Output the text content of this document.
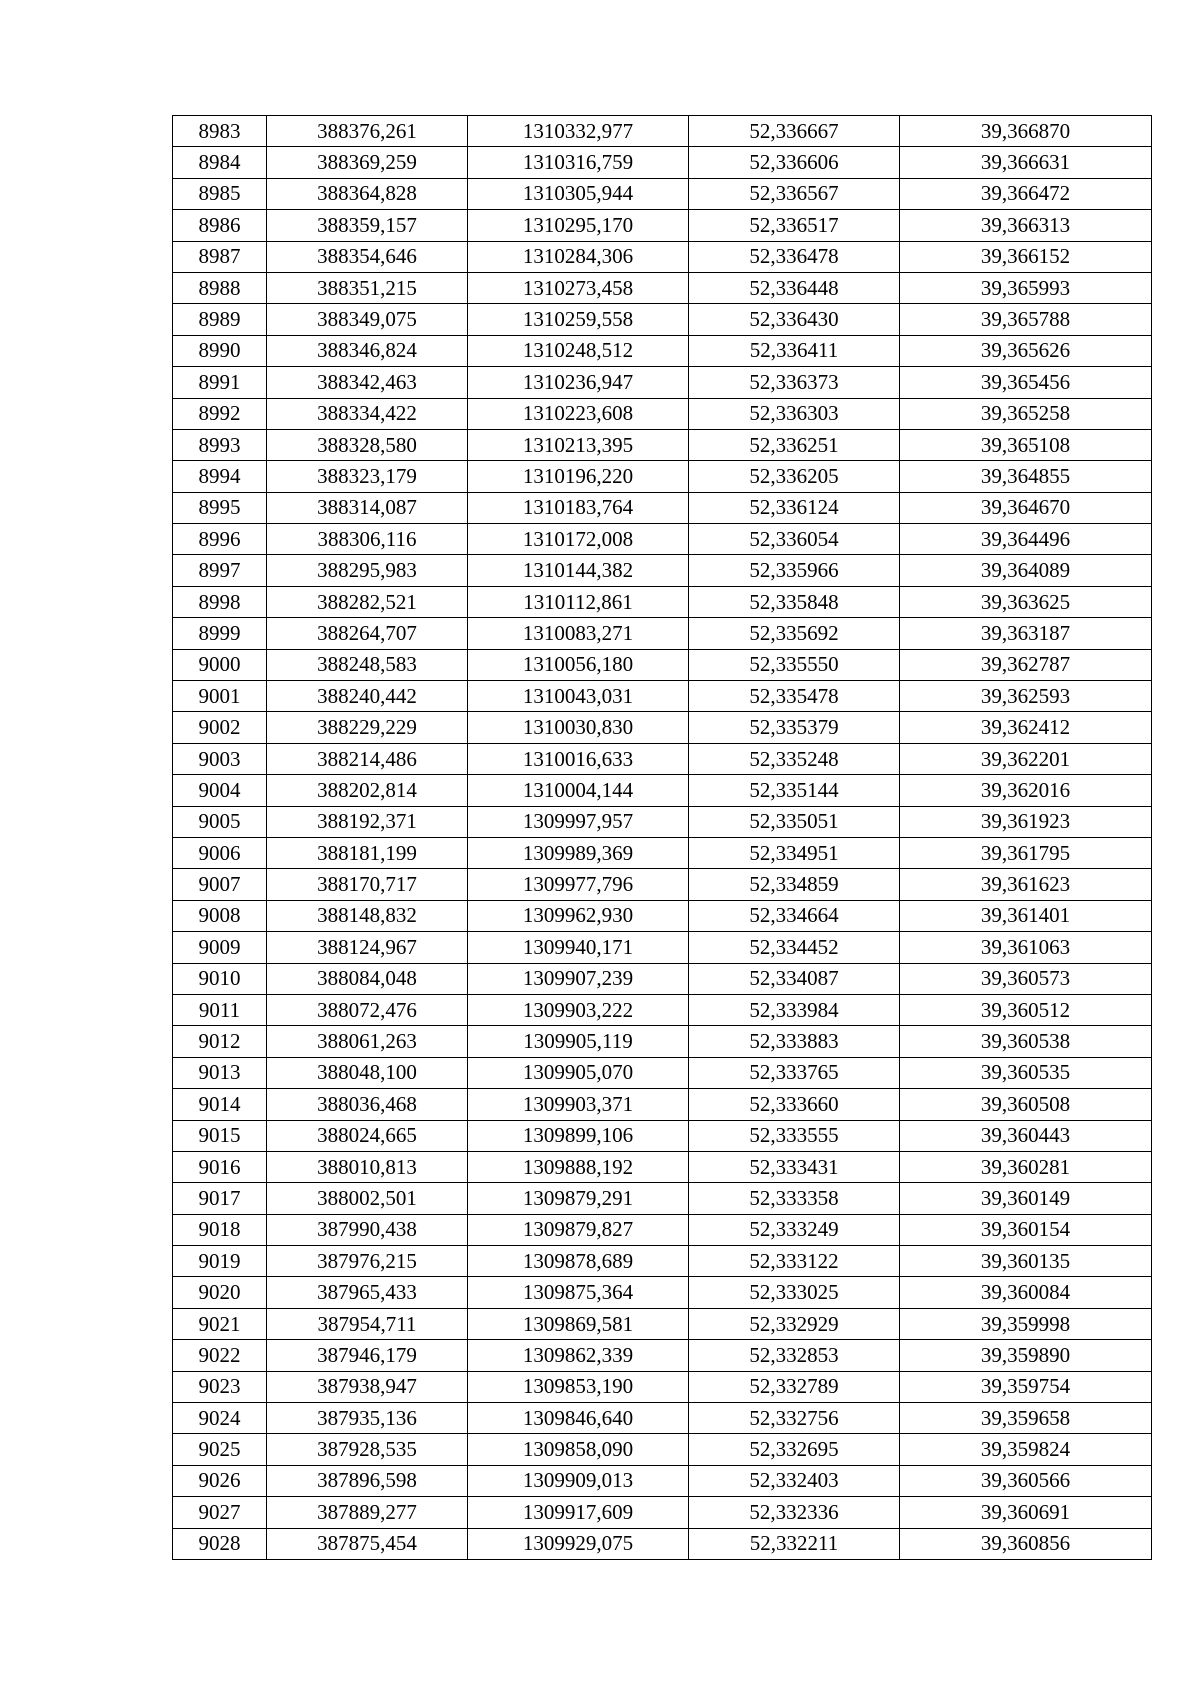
8983	388376,261	1310332,977	52,336667	39,366870
8984	388369,259	1310316,759	52,336606	39,366631
8985	388364,828	1310305,944	52,336567	39,366472
8986	388359,157	1310295,170	52,336517	39,366313
8987	388354,646	1310284,306	52,336478	39,366152
8988	388351,215	1310273,458	52,336448	39,365993
8989	388349,075	1310259,558	52,336430	39,365788
8990	388346,824	1310248,512	52,336411	39,365626
8991	388342,463	1310236,947	52,336373	39,365456
8992	388334,422	1310223,608	52,336303	39,365258
8993	388328,580	1310213,395	52,336251	39,365108
8994	388323,179	1310196,220	52,336205	39,364855
8995	388314,087	1310183,764	52,336124	39,364670
8996	388306,116	1310172,008	52,336054	39,364496
8997	388295,983	1310144,382	52,335966	39,364089
8998	388282,521	1310112,861	52,335848	39,363625
8999	388264,707	1310083,271	52,335692	39,363187
9000	388248,583	1310056,180	52,335550	39,362787
9001	388240,442	1310043,031	52,335478	39,362593
9002	388229,229	1310030,830	52,335379	39,362412
9003	388214,486	1310016,633	52,335248	39,362201
9004	388202,814	1310004,144	52,335144	39,362016
9005	388192,371	1309997,957	52,335051	39,361923
9006	388181,199	1309989,369	52,334951	39,361795
9007	388170,717	1309977,796	52,334859	39,361623
9008	388148,832	1309962,930	52,334664	39,361401
9009	388124,967	1309940,171	52,334452	39,361063
9010	388084,048	1309907,239	52,334087	39,360573
9011	388072,476	1309903,222	52,333984	39,360512
9012	388061,263	1309905,119	52,333883	39,360538
9013	388048,100	1309905,070	52,333765	39,360535
9014	388036,468	1309903,371	52,333660	39,360508
9015	388024,665	1309899,106	52,333555	39,360443
9016	388010,813	1309888,192	52,333431	39,360281
9017	388002,501	1309879,291	52,333358	39,360149
9018	387990,438	1309879,827	52,333249	39,360154
9019	387976,215	1309878,689	52,333122	39,360135
9020	387965,433	1309875,364	52,333025	39,360084
9021	387954,711	1309869,581	52,332929	39,359998
9022	387946,179	1309862,339	52,332853	39,359890
9023	387938,947	1309853,190	52,332789	39,359754
9024	387935,136	1309846,640	52,332756	39,359658
9025	387928,535	1309858,090	52,332695	39,359824
9026	387896,598	1309909,013	52,332403	39,360566
9027	387889,277	1309917,609	52,332336	39,360691
9028	387875,454	1309929,075	52,332211	39,360856
